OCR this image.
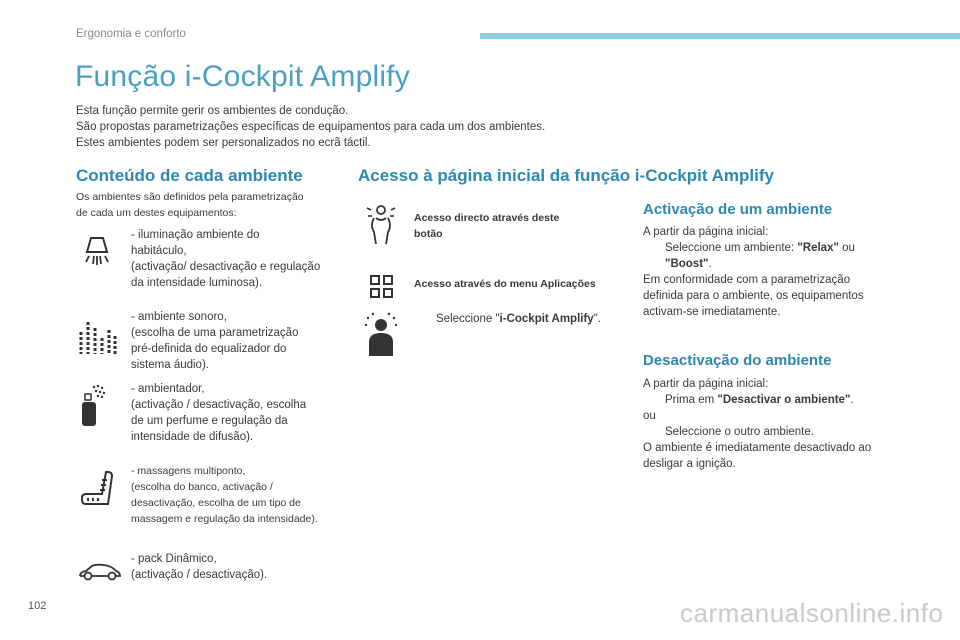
Ergonomia e conforto
Função i-Cockpit Amplify
Esta função permite gerir os ambientes de condução.
São propostas parametrizações específicas de equipamentos para cada um dos ambientes.
Estes ambientes podem ser personalizados no ecrã táctil.
Conteúdo de cada ambiente
Os ambientes são definidos pela parametrização
de cada um destes equipamentos:
- iluminação ambiente do
habitáculo,
(activação/ desactivação e regulação
da intensidade luminosa).
- ambiente sonoro,
(escolha de uma parametrização
pré-definida do equalizador do
sistema áudio).
- ambientador,
(activação / desactivação, escolha
de um perfume e regulação da
intensidade de difusão).
- massagens multiponto,
(escolha do banco, activação /
desactivação, escolha de um tipo de
massagem e regulação da intensidade).
- pack Dinâmico,
(activação / desactivação).
Acesso à página inicial da função i-Cockpit Amplify
Acesso directo através deste
botão
Acesso através do menu Aplicações
Seleccione "i-Cockpit Amplify".
Activação de um ambiente
A partir da página inicial:
Seleccione um ambiente: "Relax" ou
"Boost".
Em conformidade com a parametrização
definida para o ambiente, os equipamentos
activam-se imediatamente.
Desactivação do ambiente
A partir da página inicial:
Prima em "Desactivar o ambiente".
ou
Seleccione o outro ambiente.
O ambiente é imediatamente desactivado ao
desligar a ignição.
102	carmanualsonline.info
